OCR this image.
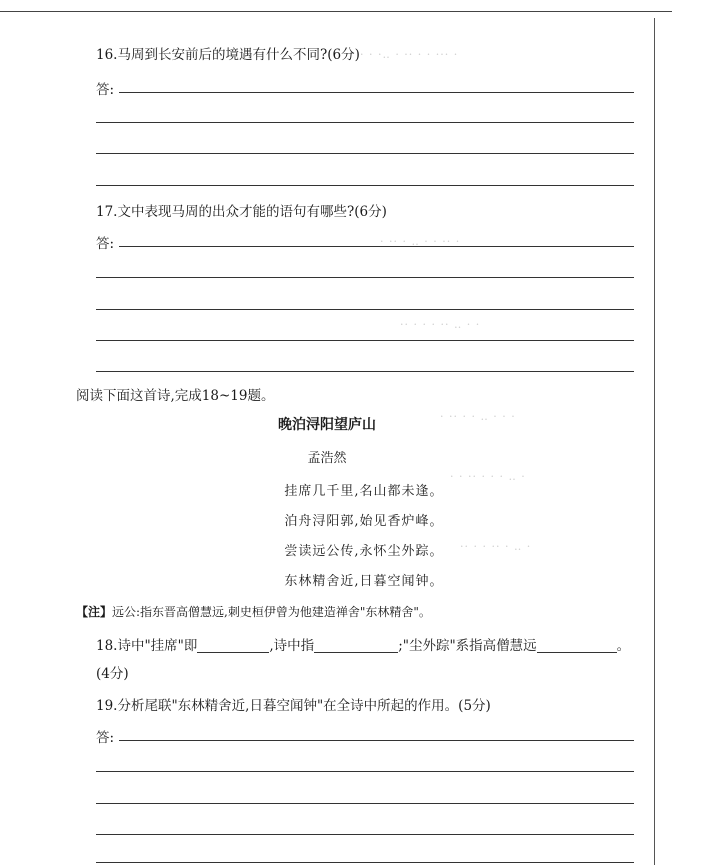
· · ·‥ · ·· · · ··· ·
· ·· · ‥ · · ·· ·
·· · · · ·· ‥ · ·
· ·· · · ‥ · · ·
· · ·· · · · ‥ ·
·· · · ·· · ‥ ·
16.马周到长安前后的境遇有什么不同?(6分)
答:
17.文中表现马周的出众才能的语句有哪些?(6分)
答:
阅读下面这首诗,完成18~19题。
晚泊浔阳望庐山
孟浩然
挂席几千里,名山都未逢。
泊舟浔阳郭,始见香炉峰。
尝读远公传,永怀尘外踪。
东林精舍近,日暮空闻钟。
【注】远公:指东晋高僧慧远,刺史桓伊曾为他建造禅舍"东林精舍"。
18.诗中"挂席"即	,诗中指	;"尘外踪"系指高僧慧远	。
(4分)
19.分析尾联"东林精舍近,日暮空闻钟"在全诗中所起的作用。(5分)
答:
